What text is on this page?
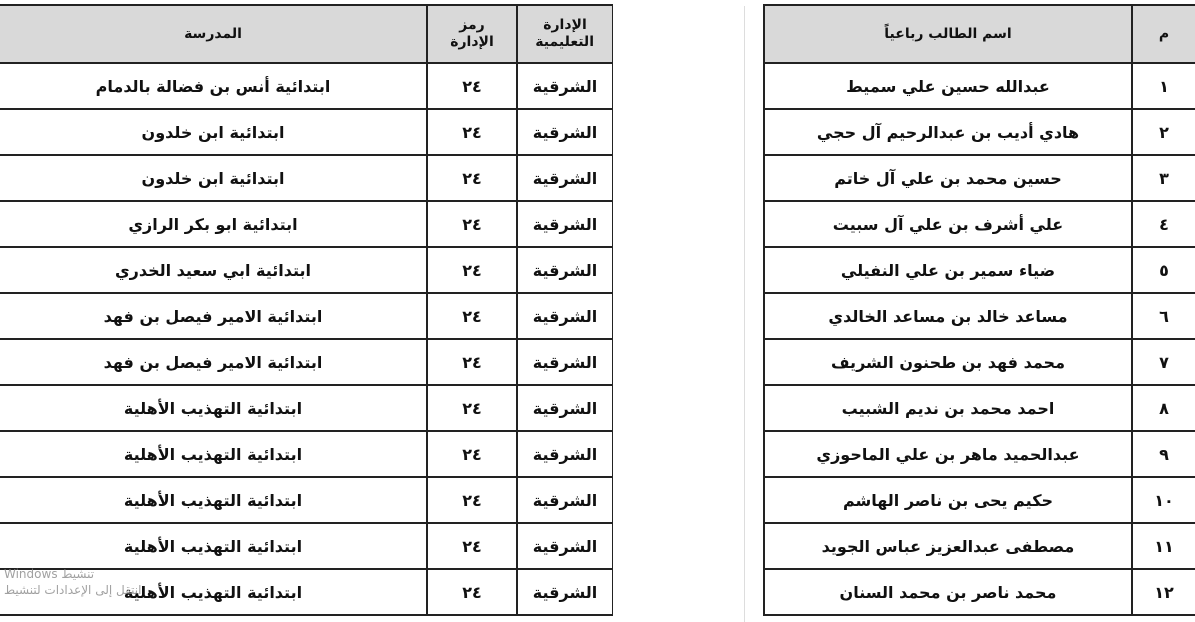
الإدارة التعليمية	رمز الإدارة	المدرسة
الشرقية	٢٤	ابتدائية أنس بن فضالة بالدمام
الشرقية	٢٤	ابتدائية ابن خلدون
الشرقية	٢٤	ابتدائية ابن خلدون
الشرقية	٢٤	ابتدائية ابو بكر الرازي
الشرقية	٢٤	ابتدائية ابي سعيد الخدري
الشرقية	٢٤	ابتدائية الامير فيصل بن فهد
الشرقية	٢٤	ابتدائية الامير فيصل بن فهد
الشرقية	٢٤	ابتدائية التهذيب الأهلية
الشرقية	٢٤	ابتدائية التهذيب الأهلية
الشرقية	٢٤	ابتدائية التهذيب الأهلية
الشرقية	٢٤	ابتدائية التهذيب الأهلية
الشرقية	٢٤	ابتدائية التهذيب الأهلية
م	اسم الطالب رباعياً
١	عبدالله حسين علي سميط
٢	هادي أديب بن عبدالرحيم آل حجي
٣	حسين محمد بن علي آل خاتم
٤	علي أشرف بن علي آل سبيت
٥	ضياء سمير بن علي النفيلي
٦	مساعد خالد بن مساعد الخالدي
٧	محمد فهد بن طحنون الشريف
٨	احمد محمد بن نديم الشبيب
٩	عبدالحميد ماهر بن علي الماحوزي
١٠	حكيم يحى بن ناصر الهاشم
١١	مصطفى عبدالعزيز عباس الجويد
١٢	محمد ناصر بن محمد السنان
تنشيط Windows
انتقل إلى الإعدادات لتنشيط
